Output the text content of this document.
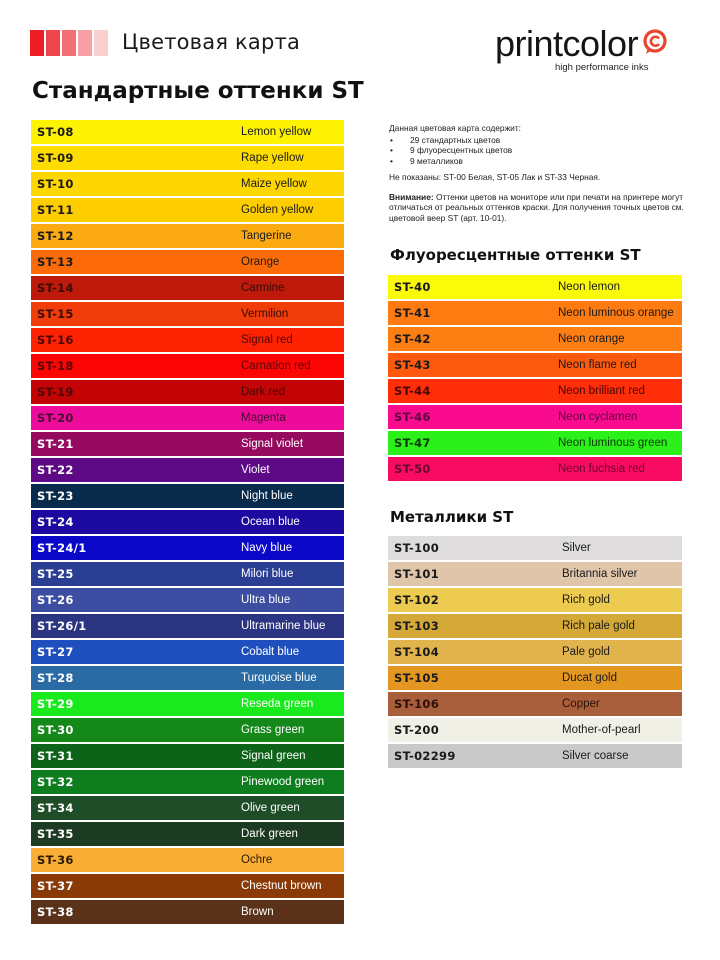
Цветовая карта	printcolor
high performance inks
Стандартные оттенки ST
ST-08	Lemon yellow
ST-09	Rape yellow
ST-10	Maize yellow
ST-11	Golden yellow
ST-12	Tangerine
ST-13	Orange
ST-14	Carmine
ST-15	Vermilion
ST-16	Signal red
ST-18	Carnation red
ST-19	Dark red
ST-20	Magenta
ST-21	Signal violet
ST-22	Violet
ST-23	Night blue
ST-24	Ocean blue
ST-24/1	Navy blue
ST-25	Milori blue
ST-26	Ultra blue
ST-26/1	Ultramarine blue
ST-27	Cobalt blue
ST-28	Turquoise blue
ST-29	Reseda green
ST-30	Grass green
ST-31	Signal green
ST-32	Pinewood green
ST-34	Olive green
ST-35	Dark green
ST-36	Ochre
ST-37	Chestnut brown
ST-38	Brown

Данная цветовая карта содержит:

• 29 стандартных цветов
• 9 флуоресцентных цветов
• 9 металликов

Не показаны: ST-00 Белая, ST-05 Лак и ST-33 Черная.

Внимание: Оттенки цветов на мониторе или при печати на принтере могут отличаться от реальных оттенков краски. Для получения точных цветов см. цветовой веер ST (арт. 10-01).

Флуоресцентные оттенки ST
ST-40	Neon lemon
ST-41	Neon luminous orange
ST-42	Neon orange
ST-43	Neon flame red
ST-44	Neon brilliant red
ST-46	Neon cyclamen
ST-47	Neon luminous green
ST-50	Neon fuchsia red
Металлики ST
ST-100	Silver
ST-101	Britannia silver
ST-102	Rich gold
ST-103	Rich pale gold
ST-104	Pale gold
ST-105	Ducat gold
ST-106	Copper
ST-200	Mother-of-pearl
ST-02299	Silver coarse
